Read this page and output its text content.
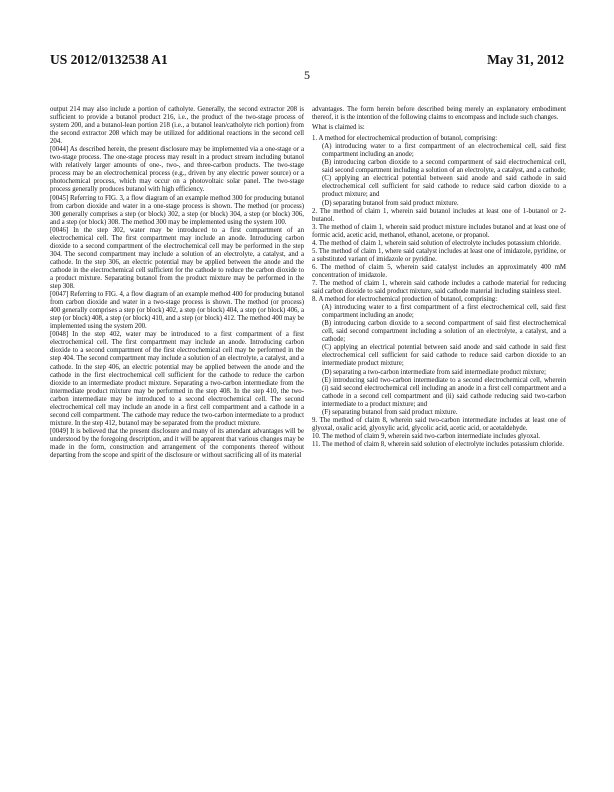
US 2012/0132538 A1	May 31, 2012
5

output 214 may also include a portion of catholyte. Generally, the second extractor 208 is sufficient to provide a butanol product 216, i.e., the product of the two-stage process of system 200, and a butanol-lean portion 218 (i.e., a butanol lean/catholyte rich portion) from the second extractor 208 which may be utilized for additional reactions in the second cell 204.

[0044] As described herein, the present disclosure may be implemented via a one-stage or a two-stage process. The one-stage process may result in a product stream including butanol with relatively larger amounts of one-, two-, and three-carbon products. The two-stage process may be an electrochemical process (e.g., driven by any electric power source) or a photochemical process, which may occur on a photovoltaic solar panel. The two-stage process generally produces butanol with high efficiency.

[0045] Referring to FIG. 3, a flow diagram of an example method 300 for producing butanol from carbon dioxide and water in a one-stage process is shown. The method (or process) 300 generally comprises a step (or block) 302, a step (or block) 304, a step (or block) 306, and a step (or block) 308. The method 300 may be implemented using the system 100.

[0046] In the step 302, water may be introduced to a first compartment of an electrochemical cell. The first compartment may include an anode. Introducing carbon dioxide to a second compartment of the electrochemical cell may be performed in the step 304. The second compartment may include a solution of an electrolyte, a catalyst, and a cathode. In the step 306, an electric potential may be applied between the anode and the cathode in the electrochemical cell sufficient for the cathode to reduce the carbon dioxide to a product mixture. Separating butanol from the product mixture may be performed in the step 308.

[0047] Referring to FIG. 4, a flow diagram of an example method 400 for producing butanol from carbon dioxide and water in a two-stage process is shown. The method (or process) 400 generally comprises a step (or block) 402, a step (or block) 404, a step (or block) 406, a step (or block) 408, a step (or block) 410, and a step (or block) 412. The method 400 may be implemented using the system 200.

[0048] In the step 402, water may be introduced to a first compartment of a first electrochemical cell. The first compartment may include an anode. Introducing carbon dioxide to a second compartment of the first electrochemical cell may be performed in the step 404. The second compartment may include a solution of an electrolyte, a catalyst, and a cathode. In the step 406, an electric potential may be applied between the anode and the cathode in the first electrochemical cell sufficient for the cathode to reduce the carbon dioxide to an intermediate product mixture. Separating a two-carbon intermediate from the intermediate product mixture may be performed in the step 408. In the step 410, the two-carbon intermediate may be introduced to a second electrochemical cell. The second electrochemical cell may include an anode in a first cell compartment and a cathode in a second cell compartment. The cathode may reduce the two-carbon intermediate to a product mixture. In the step 412, butanol may be separated from the product mixture.

[0049] It is believed that the present disclosure and many of its attendant advantages will be understood by the foregoing description, and it will be apparent that various changes may be made in the form, construction and arrangement of the components thereof without departing from the scope and spirit of the disclosure or without sacrificing all of its material

advantages. The form herein before described being merely an explanatory embodiment thereof, it is the intention of the following claims to encompass and include such changes.

What is claimed is:

1. A method for electrochemical production of butanol, comprising:

(A) introducing water to a first compartment of an electrochemical cell, said first compartment including an anode;

(B) introducing carbon dioxide to a second compartment of said electrochemical cell, said second compartment including a solution of an electrolyte, a catalyst, and a cathode;

(C) applying an electrical potential between said anode and said cathode in said electrochemical cell sufficient for said cathode to reduce said carbon dioxide to a product mixture; and

(D) separating butanol from said product mixture.

2. The method of claim 1, wherein said butanol includes at least one of 1-butanol or 2-butanol.

3. The method of claim 1, wherein said product mixture includes butanol and at least one of formic acid, acetic acid, methanol, ethanol, acetone, or propanol.

4. The method of claim 1, wherein said solution of electrolyte includes potassium chloride.

5. The method of claim 1, where said catalyst includes at least one of imidazole, pyridine, or a substituted variant of imidazole or pyridine.

6. The method of claim 5, wherein said catalyst includes an approximately 400 mM concentration of imidazole.

7. The method of claim 1, wherein said cathode includes a cathode material for reducing said carbon dioxide to said product mixture, said cathode material including stainless steel.

8. A method for electrochemical production of butanol, comprising:

(A) introducing water to a first compartment of a first electrochemical cell, said first compartment including an anode;

(B) introducing carbon dioxide to a second compartment of said first electrochemical cell, said second compartment including a solution of an electrolyte, a catalyst, and a cathode;

(C) applying an electrical potential between said anode and said cathode in said first electrochemical cell sufficient for said cathode to reduce said carbon dioxide to an intermediate product mixture;

(D) separating a two-carbon intermediate from said intermediate product mixture;

(E) introducing said two-carbon intermediate to a second electrochemical cell, wherein (i) said second electrochemical cell including an anode in a first cell compartment and a cathode in a second cell compartment and (ii) said cathode reducing said two-carbon intermediate to a product mixture; and

(F) separating butanol from said product mixture.

9. The method of claim 8, wherein said two-carbon intermediate includes at least one of glyoxal, oxalic acid, glyoxylic acid, glycolic acid, acetic acid, or acetaldehyde.

10. The method of claim 9, wherein said two-carbon intermediate includes glyoxal.

11. The method of claim 8, wherein said solution of electrolyte includes potassium chloride.
